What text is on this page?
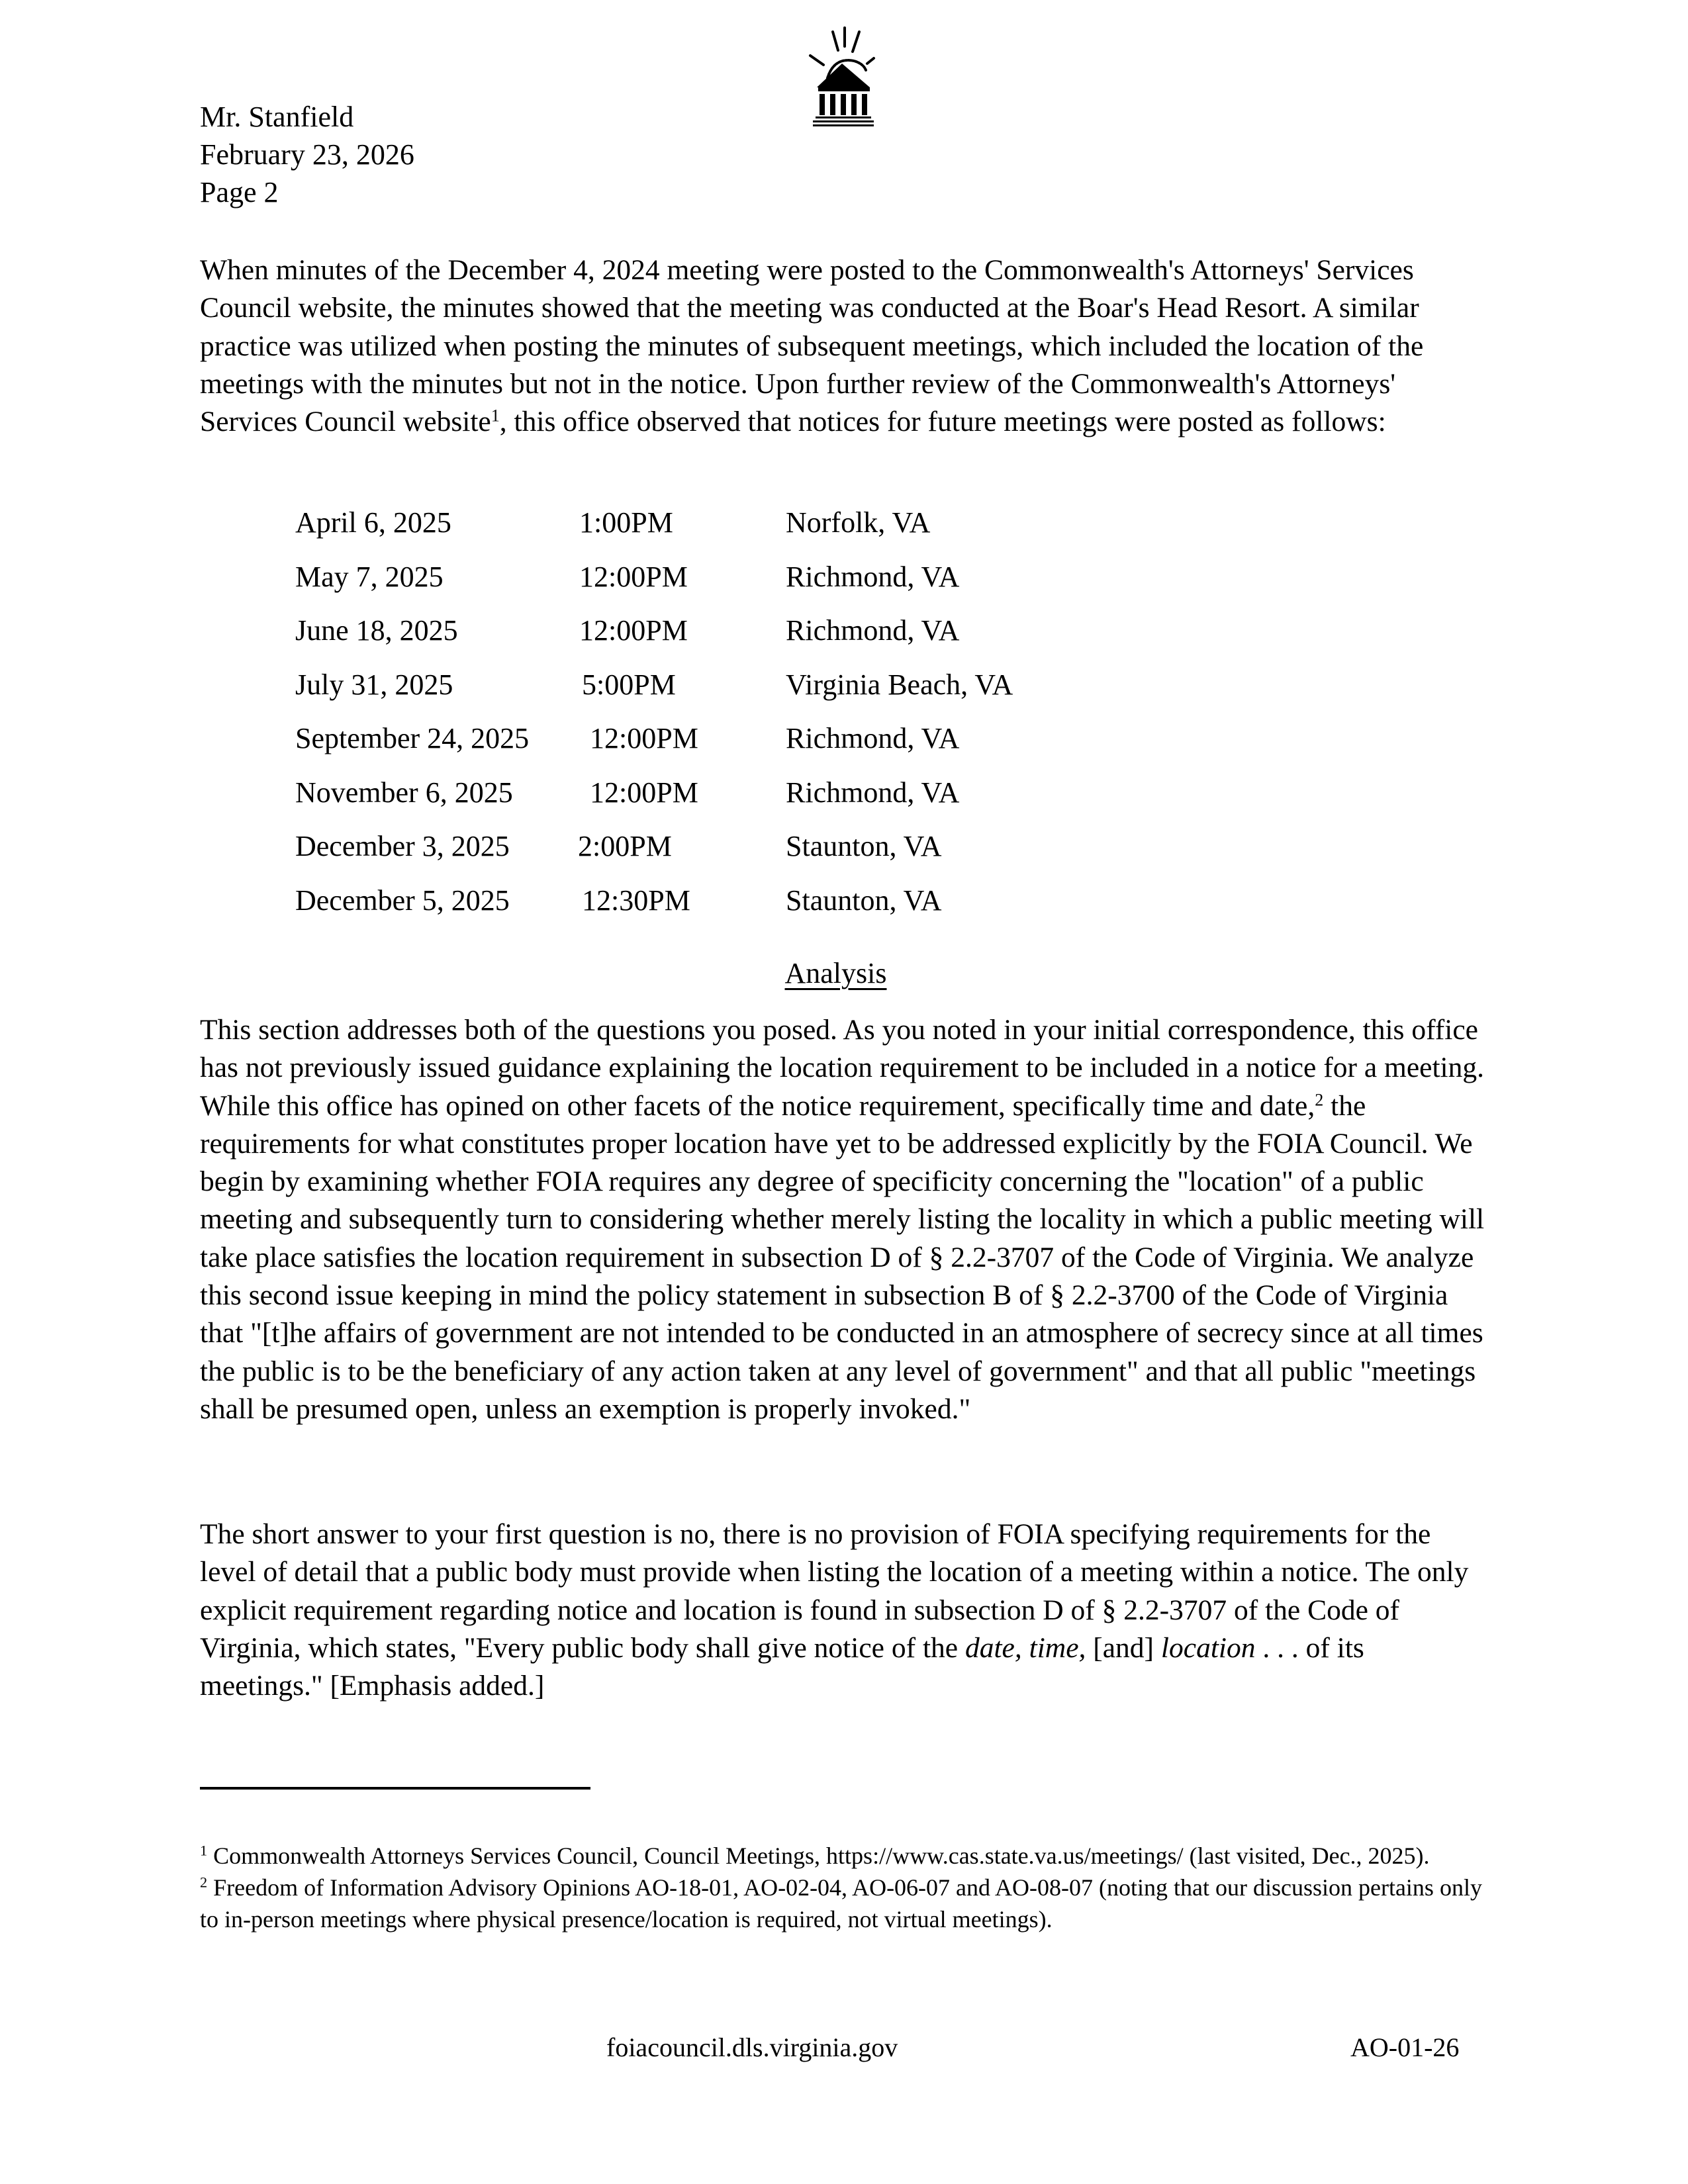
Mr. Stanfield
February 23, 2026
Page 2

When minutes of the December 4, 2024 meeting were posted to the Commonwealth's Attorneys' Services Council website, the minutes showed that the meeting was conducted at the Boar's Head Resort. A similar practice was utilized when posting the minutes of subsequent meetings, which included the location of the meetings with the minutes but not in the notice. Upon further review of the Commonwealth's Attorneys' Services Council website$^1$, this office observed that notices for future meetings were posted as follows:

April 6, 2025	1:00PM	Norfolk, VA
May 7, 2025	12:00PM	Richmond, VA
June 18, 2025	12:00PM	Richmond, VA
July 31, 2025	5:00PM	Virginia Beach, VA
September 24, 2025 12:00PM	Richmond, VA
November 6, 2025	12:00PM	Richmond, VA
December 3, 2025 2:00PM	Staunton, VA
December 5, 2025 12:30PM	Staunton, VA
Analysis

This section addresses both of the questions you posed. As you noted in your initial correspondence, this office has not previously issued guidance explaining the location requirement to be included in a notice for a meeting. While this office has opined on other facets of the notice requirement, specifically time and date,$^2$ the requirements for what constitutes proper location have yet to be addressed explicitly by the FOIA Council. We begin by examining whether FOIA requires any degree of specificity concerning the "location" of a public meeting and subsequently turn to considering whether merely listing the locality in which a public meeting will take place satisfies the location requirement in subsection D of § 2.2-3707 of the Code of Virginia. We analyze this second issue keeping in mind the policy statement in subsection B of § 2.2-3700 of the Code of Virginia that "[t]he affairs of government are not intended to be conducted in an atmosphere of secrecy since at all times the public is to be the beneficiary of any action taken at any level of government" and that all public "meetings shall be presumed open, unless an exemption is properly invoked."

The short answer to your first question is no, there is no provision of FOIA specifying requirements for the level of detail that a public body must provide when listing the location of a meeting within a notice. The only explicit requirement regarding notice and location is found in subsection D of § 2.2-3707 of the Code of Virginia, which states, "Every public body shall give notice of the date, time, [and] location . . . of its meetings." [Emphasis added.]

$^1$ Commonwealth Attorneys Services Council, Council Meetings, https://www.cas.state.va.us/meetings/ (last visited, Dec., 2025).

$^2$ Freedom of Information Advisory Opinions AO-18-01, AO-02-04, AO-06-07 and AO-08-07 (noting that our discussion pertains only to in-person meetings where physical presence/location is required, not virtual meetings).

foiacouncil.dls.virginia.gov	AO-01-26
